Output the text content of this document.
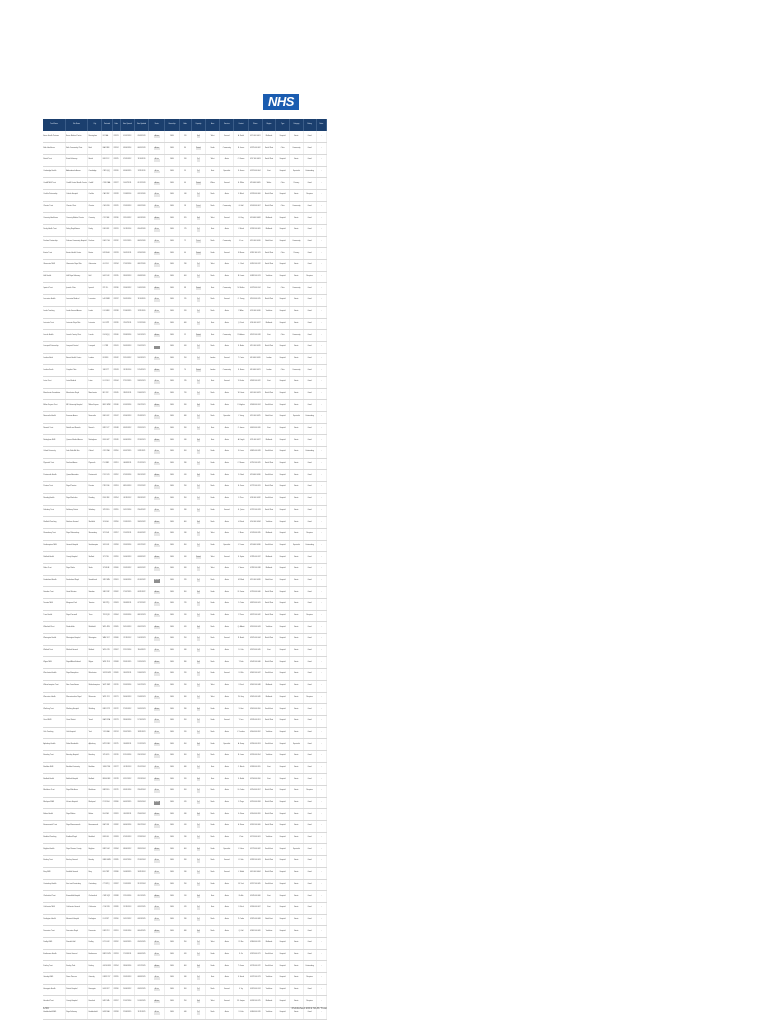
NHS
Trust Name	Site Name	City	Postcode	Code	Date Opened	Date Updated	Status	Ownership	Beds	Capacity	Area	Services	Contact	Phone	Region	Type	Category	Rating	Notes
Acorn Health Partners	Acorn Medical Centre	Birmingham	B1 1AA	RX123	01/02/2013	05/08/2019	Active	NHS	120	Full	West	General	A. Smith	0121 000 0001	Midlands	Hospital	Acute	Good	-
Bath Healthcare	Bath Community Clinic	Bath	BA1 1BB	RX124	03/04/2014	06/09/2019	Active	NHS	84	Partial	South	Community	B. Jones	01225 000 002	South West	Clinic	Community	Good	-
Bristol Trust	Bristol Infirmary	Bristol	BS1 2CC	RX125	07/05/2012	11/10/2019	Active	NHS	310	Full	West	Acute	C. Brown	0117 000 0003	South West	Hospital	Acute	Good	-
Cambridge Health	Addenbrooke Annex	Cambridge	CB2 0QQ	RX126	09/06/2015	12/11/2019	Active	NHS	95	Full	East	Specialist	D. Green	01223 000 004	East	Hospital	Specialist	Outstanding	-
Cardiff NHS Trust	Cardiff Central Health Centre	Cardiff	CF10 1AA	RX127	10/07/2011	01/12/2019	Active	NHS	64	Partial	Wales	General	E. White	029 0000 0005	Wales	Clinic	Primary	Good	-
Carlisle Partnership	Carlisle Hospital	Carlisle	CA1 3SX	RX128	11/08/2016	02/01/2020	Active	NHS	140	Full	North	Acute	F. Black	01228 000 006	North West	Hospital	Acute	Requires	-
Chester Trust	Chester Clinic	Chester	CH1 4DD	RX129	12/09/2013	03/02/2020	Active	NHS	58	Partial	North	Community	G. Hall	01244 000 007	North West	Clinic	Community	Good	-
Coventry Healthcare	Coventry Medical Centre	Coventry	CV1 5EE	RX130	13/10/2012	04/03/2020	Active	NHS	205	Full	West	General	H. King	024 0000 0008	Midlands	Hospital	Acute	Good	-
Derby Health Trust	Derby Royal Annex	Derby	DE1 6FF	RX131	14/11/2014	05/04/2020	Active	NHS	175	Full	East	Acute	I. Wood	01332 000 009	Midlands	Hospital	Acute	Good	-
Durham Partnership	Durham Community Hospital	Durham	DH1 7GG	RX132	15/12/2015	06/05/2020	Active	NHS	72	Partial	North	Community	J. Lee	0191 000 0010	North East	Hospital	Community	Good	-
Exeter Trust	Exeter Health Centre	Exeter	EX1 8HH	RX133	16/01/2011	07/06/2020	Active	NHS	60	Partial	South	General	K. Moore	01392 000 011	South West	Clinic	Primary	Good	-
Gloucester NHS	Gloucester Royal Site	Gloucester	GL1 9JJ	RX134	17/02/2016	08/07/2020	Active	NHS	230	Full	West	Acute	L. Clark	01452 000 012	South West	Hospital	Acute	Good	-
Hull Health	Hull Royal Infirmary	Hull	HU1 1KK	RX135	18/03/2013	09/08/2020	Active	NHS	400	Full	North	Acute	M. Lewis	01482 000 013	Yorkshire	Hospital	Acute	Requires	-
Ipswich Trust	Ipswich Clinic	Ipswich	IP1 2LL	RX136	19/04/2012	10/09/2020	Active	NHS	88	Partial	East	Community	N. Walker	01473 000 014	East	Clinic	Community	Good	-
Lancaster Health	Lancaster Medical	Lancaster	LA1 3MM	RX137	20/05/2014	11/10/2020	Active	NHS	115	Full	North	General	O. Young	01524 000 015	North West	Hospital	Acute	Good	-
Leeds Teaching	Leeds General Annex	Leeds	LS1 4NN	RX138	21/06/2015	12/11/2020	Active	NHS	520	Full	North	Acute	P. Allen	0113 000 0016	Yorkshire	Hospital	Acute	Good	-
Leicester Trust	Leicester Royal Site	Leicester	LE1 5PP	RX139	22/07/2011	13/12/2020	Active	NHS	460	Full	East	Acute	Q. Scott	0116 000 0017	Midlands	Hospital	Acute	Good	-
Lincoln Health	Lincoln County Clinic	Lincoln	LN1 6QQ	RX140	23/08/2016	14/01/2021	Active	NHS	92	Partial	East	Community	R. Adams	01522 000 018	East	Clinic	Community	Good	-
Liverpool Partnership	Liverpool Central	Liverpool	L1 7RR	RX141	24/09/2013	15/02/2021	Active	NHS	610	Full	North	Acute	S. Baker	0151 000 0019	North West	Hospital	Acute	Good	-
London North	Barnet Health Centre	London	N1 8SS	RX142	25/10/2012	16/03/2021	Active	NHS	150	Full	London	General	T. Carter	020 0000 0020	London	Hospital	Acute	Good	-
London South	Croydon Clinic	London	SE1 9TT	RX143	26/11/2014	17/04/2021	Active	NHS	70	Partial	London	Community	U. Evans	020 0000 0021	London	Clinic	Community	Good	-
Luton Trust	Luton Medical	Luton	LU1 1UU	RX144	27/12/2015	18/05/2021	Active	NHS	135	Full	East	General	V. Fisher	01582 000 022	East	Hospital	Acute	Good	-
Manchester Foundation	Manchester Royal	Manchester	M1 2VV	RX145	28/01/2011	19/06/2021	Active	NHS	720	Full	North	Acute	W. Grant	0161 000 0023	North West	Hospital	Acute	Good	-
Milton Keynes Trust	MK University Hospital	Milton Keynes	MK1 3WW	RX146	01/03/2016	20/07/2021	Active	NHS	260	Full	South	Acute	X. Hughes	01908 000 024	South East	Hospital	Acute	Good	-
Newcastle Health	Freeman Annex	Newcastle	NE1 4XX	RX147	02/04/2013	21/08/2021	Active	NHS	480	Full	North	Specialist	Y. Irving	0191 000 0025	North East	Hospital	Specialist	Outstanding	-
Norwich Trust	Norfolk and Norwich	Norwich	NR1 5YY	RX148	03/05/2012	22/09/2021	Active	NHS	390	Full	East	Acute	Z. James	01603 000 026	East	Hospital	Acute	Good	-
Nottingham NHS	Queens Medical Annex	Nottingham	NG1 6ZZ	RX149	04/06/2014	23/10/2021	Active	NHS	540	Full	East	Acute	A. Knight	0115 000 0027	Midlands	Hospital	Acute	Good	-
Oxford University	John Radcliffe Site	Oxford	OX1 7AB	RX150	05/07/2015	24/11/2021	Active	NHS	500	Full	South	Acute	B. Lane	01865 000 028	South East	Hospital	Acute	Outstanding	-
Plymouth Trust	Derriford Annex	Plymouth	PL1 8BC	RX151	06/08/2011	25/12/2021	Active	NHS	330	Full	South	Acute	C. Mason	01752 000 029	South West	Hospital	Acute	Good	-
Portsmouth Health	Queen Alexandra	Portsmouth	PO1 9CD	RX152	07/09/2016	26/01/2022	Active	NHS	410	Full	South	Acute	D. Nash	023 0000 0030	South East	Hospital	Acute	Good	-
Preston Trust	Royal Preston	Preston	PR1 1DE	RX153	08/10/2013	27/02/2022	Active	NHS	290	Full	North	Acute	E. Owen	01772 000 031	North West	Hospital	Acute	Good	-
Reading Health	Royal Berkshire	Reading	RG1 2EF	RX154	09/11/2012	28/03/2022	Active	NHS	350	Full	South	Acute	F. Price	0118 000 0032	South East	Hospital	Acute	Good	-
Salisbury Trust	Salisbury District	Salisbury	SP1 3FG	RX155	10/12/2014	29/04/2022	Active	NHS	180	Full	South	General	G. Quinn	01722 000 033	South West	Hospital	Acute	Good	-
Sheffield Teaching	Northern General	Sheffield	S1 4GH	RX156	11/01/2015	30/05/2022	Active	NHS	600	Full	North	Acute	H. Reed	0114 000 0034	Yorkshire	Hospital	Acute	Good	-
Shrewsbury Trust	Royal Shrewsbury	Shrewsbury	SY1 5HJ	RX157	12/02/2011	01/06/2022	Active	NHS	240	Full	West	Acute	I. Shaw	01743 000 035	Midlands	Hospital	Acute	Requires	-
Southampton NHS	General Hospital	Southampton	SO1 6JK	RX158	13/03/2016	02/07/2022	Active	NHS	650	Full	South	Specialist	J. Turner	023 0000 0036	South East	Hospital	Specialist	Outstanding	-
Stafford Health	County Hospital	Stafford	ST1 7KL	RX159	14/04/2013	03/08/2022	Active	NHS	160	Partial	West	General	K. Upton	01785 000 037	Midlands	Hospital	Acute	Good	-
Stoke Trust	Royal Stoke	Stoke	ST4 8LM	RX160	15/05/2012	04/09/2022	Active	NHS	560	Full	West	Acute	L. Vance	01782 000 038	Midlands	Hospital	Acute	Good	-
Sunderland Health	Sunderland Royal	Sunderland	SR1 9MN	RX161	16/06/2014	05/10/2022	Active	NHS	370	Full	North	Acute	M. Ward	0191 000 0039	North East	Hospital	Acute	Good	-
Swindon Trust	Great Western	Swindon	SN1 1NP	RX162	17/07/2015	06/11/2022	Active	NHS	300	Full	South	Acute	N. Xavier	01793 000 040	South West	Hospital	Acute	Good	-
Taunton NHS	Musgrove Park	Taunton	TA1 2PQ	RX163	18/08/2011	07/12/2022	Active	NHS	270	Full	South	Acute	O. Yates	01823 000 041	South West	Hospital	Acute	Good	-
Truro Health	Royal Cornwall	Truro	TR1 3QR	RX164	19/09/2016	08/01/2023	Active	NHS	310	Full	South	Acute	P. Zane	01872 000 042	South West	Hospital	Acute	Requires	-
Wakefield Trust	Pinderfields	Wakefield	WF1 4RS	RX165	20/10/2013	09/02/2023	Active	NHS	420	Full	North	Acute	Q. Abbott	01924 000 043	Yorkshire	Hospital	Acute	Good	-
Warrington Health	Warrington Hospital	Warrington	WA1 5ST	RX166	21/11/2012	10/03/2023	Active	NHS	250	Full	North	General	R. Booth	01925 000 044	North West	Hospital	Acute	Good	-
Watford Trust	Watford General	Watford	WD1 6TU	RX167	22/12/2014	11/04/2023	Active	NHS	340	Full	South	Acute	S. Cole	01923 000 045	East	Hospital	Acute	Good	-
Wigan NHS	Royal Albert Edward	Wigan	WN1 7UV	RX168	23/01/2015	12/05/2023	Active	NHS	380	Full	North	Acute	T. Dale	01942 000 046	North West	Hospital	Acute	Good	-
Winchester Health	Royal Hampshire	Winchester	SO23 8VW	RX169	24/02/2011	13/06/2023	Active	NHS	220	Full	South	General	U. Ellis	01962 000 047	South East	Hospital	Acute	Good	-
Wolverhampton Trust	New Cross Annex	Wolverhampton	WV1 9WX	RX170	25/03/2016	14/07/2023	Active	NHS	590	Full	West	Acute	V. Ford	01902 000 048	Midlands	Hospital	Acute	Good	-
Worcester Health	Worcestershire Royal	Worcester	WR1 1XY	RX171	26/04/2013	15/08/2023	Active	NHS	360	Full	West	Acute	W. Gray	01905 000 049	Midlands	Hospital	Acute	Requires	-
Worthing Trust	Worthing Hospital	Worthing	BN11 2YZ	RX172	27/05/2012	16/09/2023	Active	NHS	280	Full	South	Acute	X. Hart	01903 000 050	South East	Hospital	Acute	Good	-
Yeovil NHS	Yeovil District	Yeovil	BA21 3ZA	RX173	28/06/2014	17/10/2023	Active	NHS	200	Full	South	General	Y. Ives	01935 000 051	South West	Hospital	Acute	Good	-
York Teaching	York Hospital	York	YO1 4AB	RX174	29/07/2015	18/11/2023	Active	NHS	520	Full	North	Acute	Z. Jenkins	01904 000 052	Yorkshire	Hospital	Acute	Good	-
Aylesbury Health	Stoke Mandeville	Aylesbury	HP21 5BC	RX175	30/08/2011	19/12/2023	Active	NHS	450	Full	South	Specialist	A. Kemp	01296 000 053	South East	Hospital	Specialist	Good	-
Barnsley Trust	Barnsley Hospital	Barnsley	S75 6CD	RX176	31/10/2016	20/01/2024	Active	NHS	300	Full	North	Acute	B. Lowe	01226 000 054	Yorkshire	Hospital	Acute	Good	-
Basildon NHS	Basildon University	Basildon	SS16 7DE	RX177	01/11/2013	21/02/2024	Active	NHS	480	Full	East	Acute	C. Marsh	01268 000 055	East	Hospital	Acute	Good	-
Bedford Health	Bedford Hospital	Bedford	MK40 8EF	RX178	02/12/2012	22/03/2024	Active	NHS	320	Full	East	Acute	D. Noble	01234 000 056	East	Hospital	Acute	Good	-
Blackburn Trust	Royal Blackburn	Blackburn	BB2 9FG	RX179	03/01/2014	23/04/2024	Active	NHS	500	Full	North	Acute	E. Oakes	01254 000 057	North West	Hospital	Acute	Requires	-
Blackpool NHS	Victoria Hospital	Blackpool	FY3 1GH	RX180	04/02/2015	24/05/2024	Active	NHS	470	Full	North	Acute	F. Page	01253 000 058	North West	Hospital	Acute	Good	-
Bolton Health	Royal Bolton	Bolton	BL4 2HJ	RX181	05/03/2011	25/06/2024	Active	NHS	430	Full	North	Acute	G. Rowe	01204 000 059	North West	Hospital	Acute	Good	-
Bournemouth Trust	Royal Bournemouth	Bournemouth	BH7 3JK	RX182	06/04/2016	26/07/2024	Active	NHS	410	Full	South	Acute	H. Stone	01202 000 060	South West	Hospital	Acute	Good	-
Bradford Teaching	Bradford Royal	Bradford	BD9 4KL	RX183	07/05/2013	27/08/2024	Active	NHS	530	Full	North	Acute	I. Tate	01274 000 061	Yorkshire	Hospital	Acute	Good	-
Brighton Health	Royal Sussex County	Brighton	BN2 5LM	RX184	08/06/2012	28/09/2024	Active	NHS	600	Full	South	Specialist	J. Usher	01273 000 062	South East	Hospital	Specialist	Good	-
Burnley Trust	Burnley General	Burnley	BB10 6MN	RX185	09/07/2014	29/10/2024	Active	NHS	260	Full	North	General	K. Vale	01282 000 063	North West	Hospital	Acute	Good	-
Bury NHS	Fairfield General	Bury	BL9 7NP	RX186	10/08/2015	30/11/2024	Active	NHS	240	Full	North	General	L. Webb	0161 000 0064	North West	Hospital	Acute	Good	-
Canterbury Health	Kent and Canterbury	Canterbury	CT1 8PQ	RX187	11/09/2011	31/12/2024	Active	NHS	290	Full	South	Acute	M. York	01227 000 065	South East	Hospital	Acute	Good	-
Chelmsford Trust	Broomfield Hospital	Chelmsford	CM1 9QR	RX188	12/10/2016	01/01/2025	Active	NHS	510	Full	East	Acute	N. Ash	01245 000 066	East	Hospital	Acute	Good	-
Colchester NHS	Colchester General	Colchester	CO4 1RS	RX189	13/11/2013	02/02/2025	Active	NHS	470	Full	East	Acute	O. Birch	01206 000 067	East	Hospital	Acute	Good	-
Darlington Health	Memorial Hospital	Darlington	DL3 2ST	RX190	14/12/2012	03/03/2025	Active	NHS	330	Full	North	Acute	P. Cedar	01325 000 068	North East	Hospital	Acute	Good	-
Doncaster Trust	Doncaster Royal	Doncaster	DN2 3TU	RX191	15/01/2014	04/04/2025	Active	NHS	480	Full	North	Acute	Q. Dell	01302 000 069	Yorkshire	Hospital	Acute	Good	-
Dudley NHS	Russells Hall	Dudley	DY1 4UV	RX192	16/02/2015	05/05/2025	Active	NHS	550	Full	West	Acute	R. Elm	01384 000 070	Midlands	Hospital	Acute	Good	-
Eastbourne Health	District General	Eastbourne	BN21 5VW	RX193	17/03/2011	06/06/2025	Active	NHS	420	Full	South	Acute	S. Fir	01323 000 071	South East	Hospital	Acute	Good	-
Frimley Trust	Frimley Park	Frimley	GU16 6WX	RX194	18/04/2016	07/07/2025	Active	NHS	600	Full	South	Acute	T. Gorse	01276 000 072	South East	Hospital	Acute	Outstanding	-
Grimsby NHS	Diana Princess	Grimsby	DN33 7XY	RX195	19/05/2013	08/08/2025	Active	NHS	340	Full	East	Acute	U. Hazel	01472 000 073	Yorkshire	Hospital	Acute	Requires	-
Harrogate Health	District Hospital	Harrogate	HG2 8YZ	RX196	20/06/2012	09/09/2025	Active	NHS	300	Full	North	General	V. Ivy	01423 000 074	Yorkshire	Hospital	Acute	Good	-
Hereford Trust	County Hospital	Hereford	HR1 9ZA	RX197	21/07/2014	10/10/2025	Active	NHS	250	Full	West	General	W. Juniper	01432 000 075	Midlands	Hospital	Acute	Requires	-
Huddersfield NHS	Royal Infirmary	Huddersfield	HD3 1AB	RX198	22/08/2015	11/11/2025	Active	NHS	440	Full	North	Acute	X. Kale	01484 000 076	Yorkshire	Hospital	Acute	Good	-
1/20	Published 2019 NHS Trust
